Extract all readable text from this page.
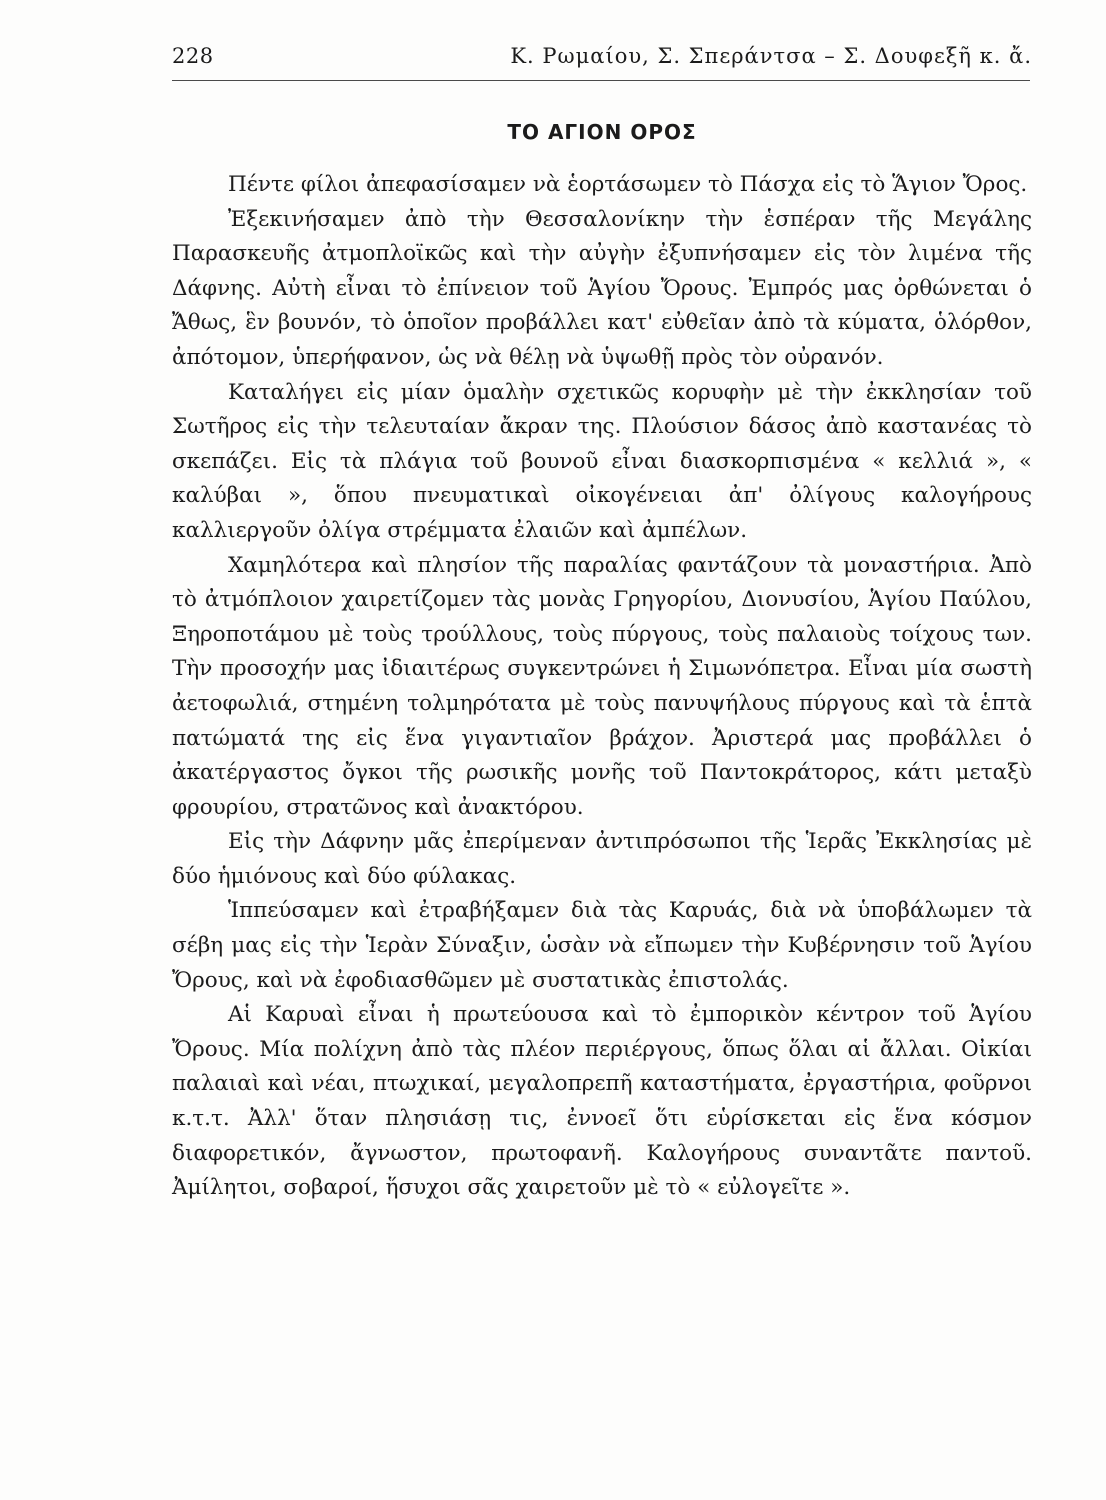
228	Κ. Ρωμαίου, Σ. Σπεράντσα – Σ. Δουφεξῆ κ. ἄ.
ΤΟ ΑΓΙΟΝ ΟΡΟΣ

Πέντε φίλοι ἀπεφασίσαμεν νὰ ἑορτάσωμεν τὸ Πάσχα εἰς τὸ Ἅγιον Ὄρος.

Ἐξεκινήσαμεν ἀπὸ τὴν Θεσσαλονίκην τὴν ἑσπέραν τῆς Μεγάλης Παρασκευῆς ἀτμοπλοϊκῶς καὶ τὴν αὐγὴν ἐξυπνήσαμεν εἰς τὸν λιμένα τῆς Δάφνης. Αὐτὴ εἶναι τὸ ἐπίνειον τοῦ Ἁγίου Ὄρους. Ἐμπρός μας ὀρθώνεται ὁ Ἄθως, ἓν βουνόν, τὸ ὁποῖον προβάλλει κατ' εὐθεῖαν ἀπὸ τὰ κύματα, ὁλόρθον, ἀπότομον, ὑπερήφανον, ὡς νὰ θέλῃ νὰ ὑψωθῇ πρὸς τὸν οὐρανόν.

Καταλήγει εἰς μίαν ὁμαλὴν σχετικῶς κορυφὴν μὲ τὴν ἐκκλησίαν τοῦ Σωτῆρος εἰς τὴν τελευταίαν ἄκραν της. Πλούσιον δάσος ἀπὸ καστανέας τὸ σκεπάζει. Εἰς τὰ πλάγια τοῦ βουνοῦ εἶναι διασκορπισμένα « κελλιά », « καλύβαι », ὅπου πνευματικαὶ οἰκογένειαι ἀπ' ὀλίγους καλογήρους καλλιεργοῦν ὀλίγα στρέμματα ἐλαιῶν καὶ ἀμπέλων.

Χαμηλότερα καὶ πλησίον τῆς παραλίας φαντάζουν τὰ μοναστήρια. Ἀπὸ τὸ ἀτμόπλοιον χαιρετίζομεν τὰς μονὰς Γρηγορίου, Διονυσίου, Ἁγίου Παύλου, Ξηροποτάμου μὲ τοὺς τρούλλους, τοὺς πύργους, τοὺς παλαιοὺς τοίχους των. Τὴν προσοχήν μας ἰδιαιτέρως συγκεντρώνει ἡ Σιμωνόπετρα. Εἶναι μία σωστὴ ἀετοφωλιά, στημένη τολμηρότατα μὲ τοὺς πανυψήλους πύργους καὶ τὰ ἑπτὰ πατώματά της εἰς ἕνα γιγαντιαῖον βράχον. Ἀριστερά μας προβάλλει ὁ ἀκατέργαστος ὄγκοι τῆς ρωσικῆς μονῆς τοῦ Παντοκράτορος, κάτι μεταξὺ φρουρίου, στρατῶνος καὶ ἀνακτόρου.

Εἰς τὴν Δάφνην μᾶς ἐπερίμεναν ἀντιπρόσωποι τῆς Ἱερᾶς Ἐκκλησίας μὲ δύο ἡμιόνους καὶ δύο φύλακας.

Ἱππεύσαμεν καὶ ἐτραβήξαμεν διὰ τὰς Καρυάς, διὰ νὰ ὑποβάλωμεν τὰ σέβη μας εἰς τὴν Ἱερὰν Σύναξιν, ὡσὰν νὰ εἴπωμεν τὴν Κυβέρνησιν τοῦ Ἁγίου Ὄρους, καὶ νὰ ἐφοδιασθῶμεν μὲ συστατικὰς ἐπιστολάς.

Αἱ Καρυαὶ εἶναι ἡ πρωτεύουσα καὶ τὸ ἐμπορικὸν κέντρον τοῦ Ἁγίου Ὄρους. Μία πολίχνη ἀπὸ τὰς πλέον περιέργους, ὅπως ὅλαι αἱ ἄλλαι. Οἰκίαι παλαιαὶ καὶ νέαι, πτωχικαί, μεγαλοπρεπῆ καταστήματα, ἐργαστήρια, φοῦρνοι κ.τ.τ. Ἀλλ' ὅταν πλησιάσῃ τις, ἐννοεῖ ὅτι εὑρίσκεται εἰς ἕνα κόσμον διαφορετικόν, ἄγνωστον, πρωτοφανῆ. Καλογήρους συναντᾶτε παντοῦ. Ἀμίλητοι, σοβαροί, ἥσυχοι σᾶς χαιρετοῦν μὲ τὸ « εὐλογεῖτε ».
